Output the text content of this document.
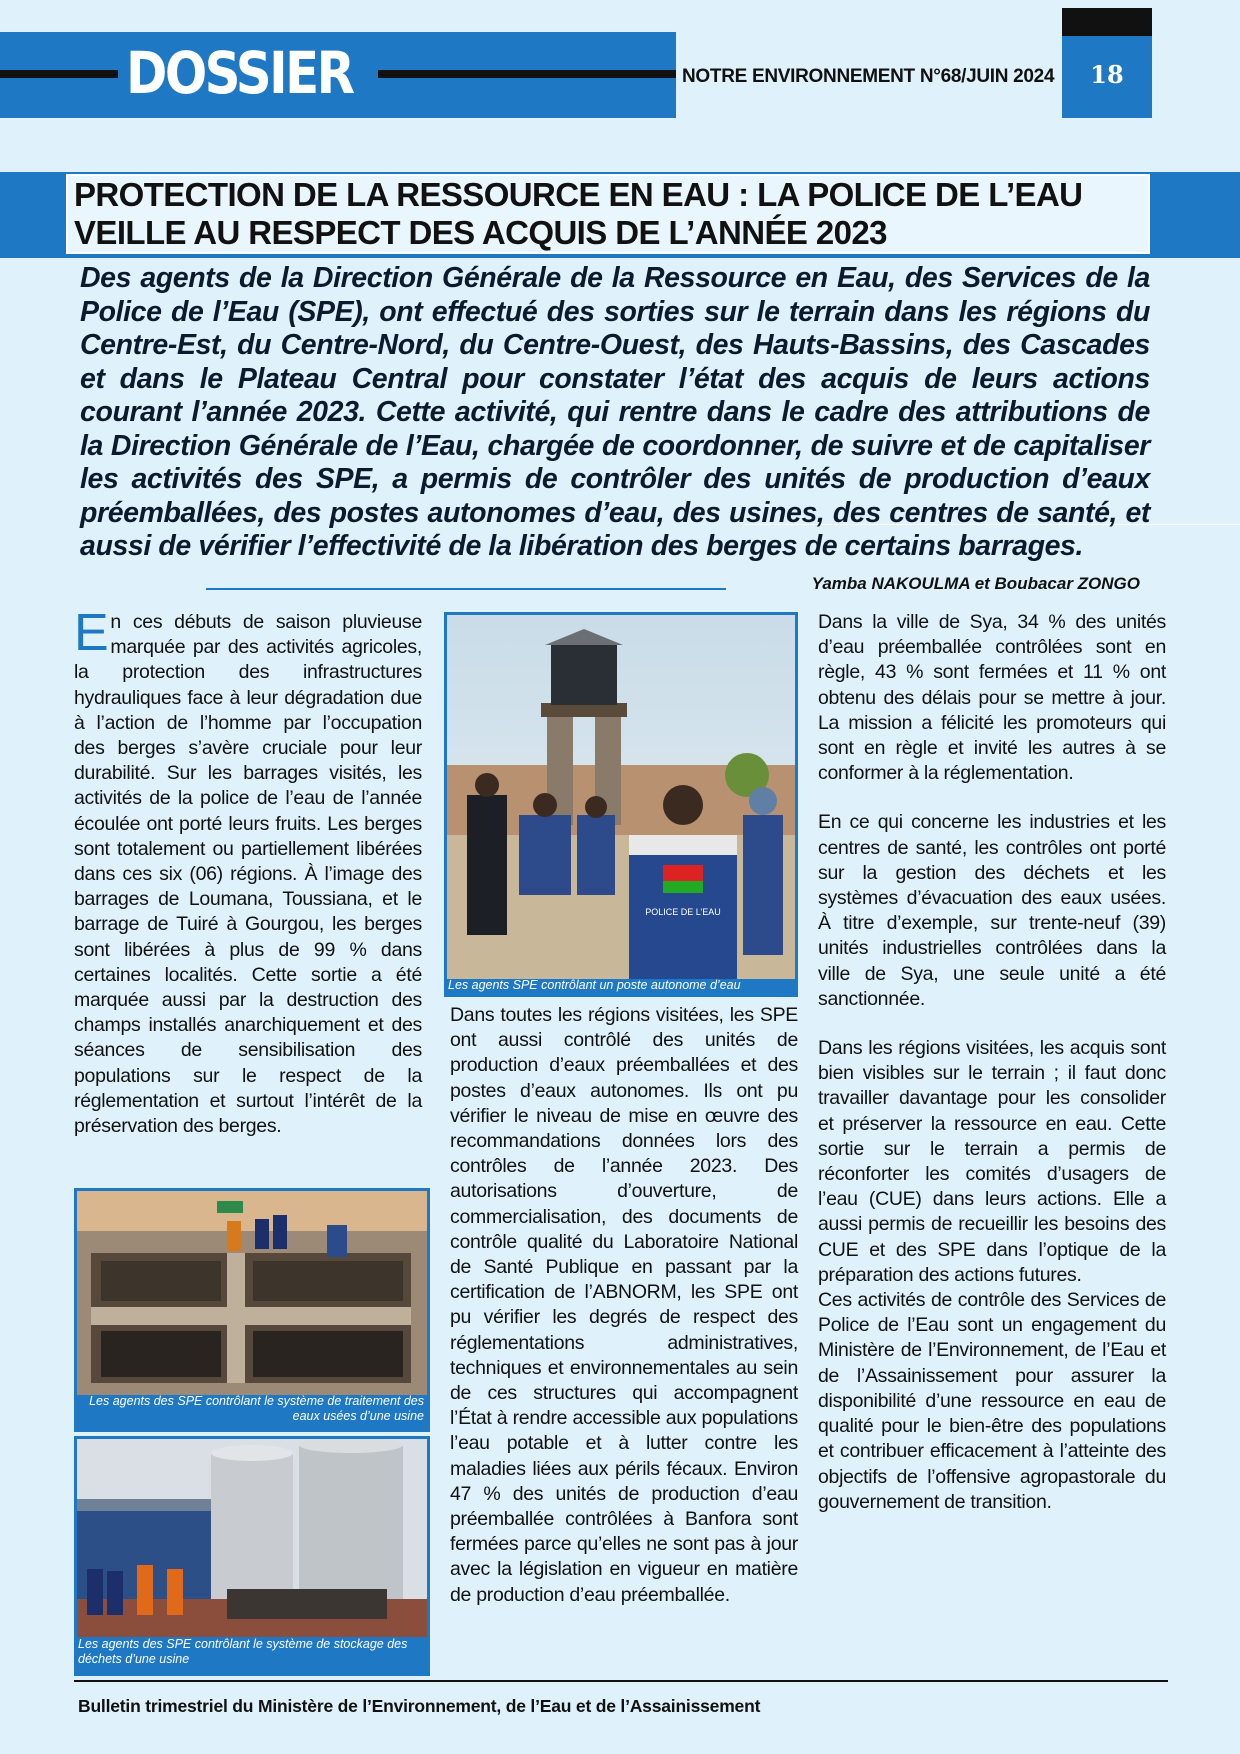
DOSSIER	NOTRE ENVIRONNEMENT N°68/JUIN 2024	18
PROTECTION DE LA RESSOURCE EN EAU : LA POLICE DE L’EAU VEILLE AU RESPECT DES ACQUIS DE L’ANNÉE 2023
Des agents de la Direction Générale de la Ressource en Eau, des Services de la Police de l’Eau (SPE), ont effectué des sorties sur le terrain dans les régions du Centre-Est, du Centre-Nord, du Centre-Ouest, des Hauts-Bassins, des Cascades et dans le Plateau Central pour constater l’état des acquis de leurs actions courant l’année 2023. Cette activité, qui rentre dans le cadre des attributions de la Direction Générale de l’Eau, chargée de coordonner, de suivre et de capitaliser les activités des SPE, a permis de contrôler des unités de production d’eaux préemballées, des postes autonomes d’eau, des usines, des centres de santé, et aussi de vérifier l’effectivité de la libération des berges de certains barrages.
Yamba NAKOULMA et Boubacar ZONGO

En ces débuts de saison pluvieuse marquée par des activités agricoles, la protection des infrastructures hydrauliques face à leur dégradation due à l’action de l’homme par l’occupation des berges s’avère cruciale pour leur durabilité. Sur les barrages visités, les activités de la police de l’eau de l’année écoulée ont porté leurs fruits. Les berges sont totalement ou partiellement libérées dans ces six (06) régions. À l’image des barrages de Loumana, Toussiana, et le barrage de Tuiré à Gourgou, les berges sont libérées à plus de 99 % dans certaines localités. Cette sortie a été marquée aussi par la destruction des champs installés anarchiquement et des séances de sensibilisation des populations sur le respect de la réglementation et surtout l’intérêt de la préservation des berges.

POLICE DE L’EAU
Les agents SPE contrôlant un poste autonome d’eau
Les agents des SPE contrôlant le système de traitement des eaux usées d’une usine
Les agents des SPE contrôlant le système de stockage des déchets d’une usine

Dans toutes les régions visitées, les SPE ont aussi contrôlé des unités de production d’eaux préemballées et des postes d’eaux autonomes. Ils ont pu vérifier le niveau de mise en œuvre des recommandations données lors des contrôles de l’année 2023. Des autorisations d’ouverture, de commercialisation, des documents de contrôle qualité du Laboratoire National de Santé Publique en passant par la certification de l’ABNORM, les SPE ont pu vérifier les degrés de respect des réglementations administratives, techniques et environnementales au sein de ces structures qui accompagnent l’État à rendre accessible aux populations l’eau potable et à lutter contre les maladies liées aux périls fécaux. Environ 47 % des unités de production d’eau préemballée contrôlées à Banfora sont fermées parce qu’elles ne sont pas à jour avec la législation en vigueur en matière de production d’eau préemballée.

Dans la ville de Sya, 34 % des unités d’eau préemballée contrôlées sont en règle, 43 % sont fermées et 11 % ont obtenu des délais pour se mettre à jour. La mission a félicité les promoteurs qui sont en règle et invité les autres à se conformer à la réglementation.

En ce qui concerne les industries et les centres de santé, les contrôles ont porté sur la gestion des déchets et les systèmes d’évacuation des eaux usées. À titre d’exemple, sur trente-neuf (39) unités industrielles contrôlées dans la ville de Sya, une seule unité a été sanctionnée.

Dans les régions visitées, les acquis sont bien visibles sur le terrain ; il faut donc travailler davantage pour les consolider et préserver la ressource en eau. Cette sortie sur le terrain a permis de réconforter les comités d’usagers de l’eau (CUE) dans leurs actions. Elle a aussi permis de recueillir les besoins des CUE et des SPE dans l’optique de la préparation des actions futures.

Ces activités de contrôle des Services de Police de l’Eau sont un engagement du Ministère de l’Environnement, de l’Eau et de l’Assainissement pour assurer la disponibilité d’une ressource en eau de qualité pour le bien-être des populations et contribuer efficacement à l’atteinte des objectifs de l’offensive agropastorale du gouvernement de transition.

Bulletin trimestriel du Ministère de l’Environnement, de l’Eau et de l’Assainissement
